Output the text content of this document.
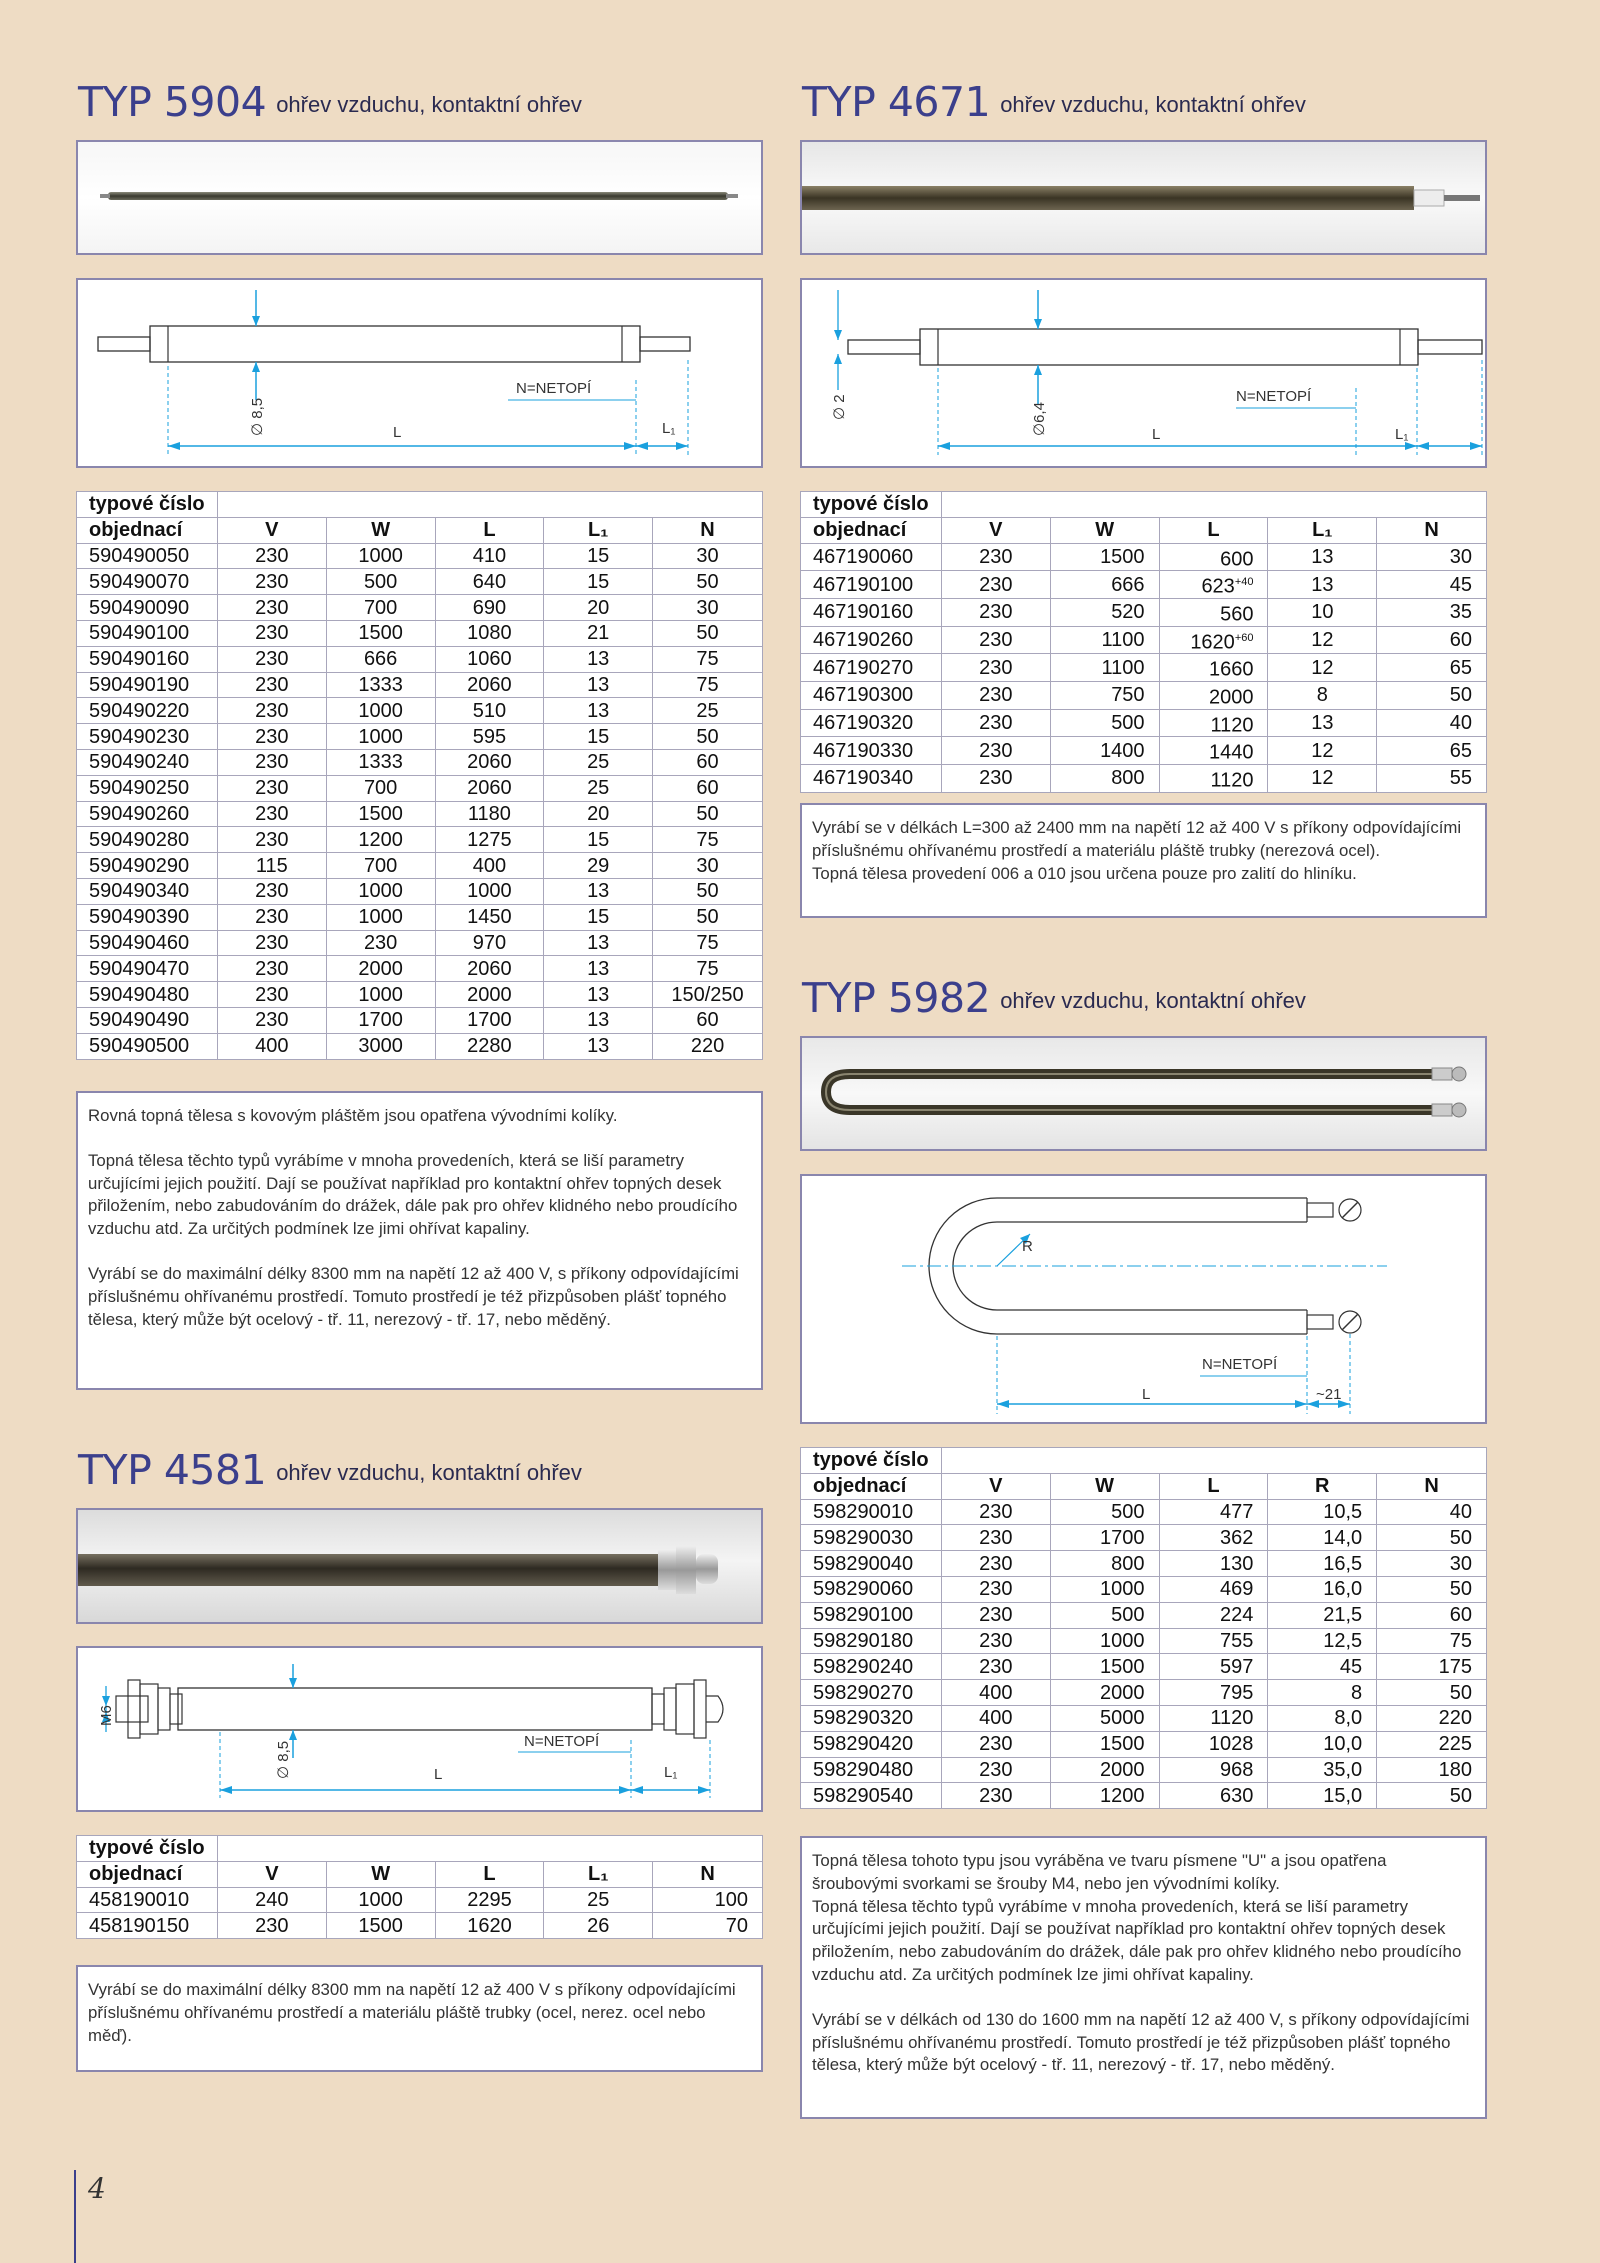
TYP 5904 ohřev vzduchu, kontaktní ohřev
∅ 8,5
N=NETOPÍ
L	L₁
typové číslo					
objednací	V	W	L	L₁	N
590490050	230	1000	410	15	30
590490070	230	500	640	15	50
590490090	230	700	690	20	30
590490100	230	1500	1080	21	50
590490160	230	666	1060	13	75
590490190	230	1333	2060	13	75
590490220	230	1000	510	13	25
590490230	230	1000	595	15	50
590490240	230	1333	2060	25	60
590490250	230	700	2060	25	60
590490260	230	1500	1180	20	50
590490280	230	1200	1275	15	75
590490290	115	700	400	29	30
590490340	230	1000	1000	13	50
590490390	230	1000	1450	15	50
590490460	230	230	970	13	75
590490470	230	2000	2060	13	75
590490480	230	1000	2000	13	150/250
590490490	230	1700	1700	13	60
590490500	400	3000	2280	13	220

Rovná topná tělesa s kovovým pláštěm jsou opatřena vývodními kolíky.

Topná tělesa těchto typů vyrábíme v mnoha provedeních, která se liší parametry určujícími jejich použití. Dají se používat například pro kontaktní ohřev topných desek přiložením, nebo zabudováním do drážek, dále pak pro ohřev klidného nebo proudícího vzduchu atd. Za určitých podmínek lze jimi ohřívat kapaliny.

Vyrábí se do maximální délky 8300 mm na napětí 12 až 400 V, s příkony odpovídajícími příslušnému ohřívanému prostředí. Tomuto prostředí je též přizpůsoben plášť topného tělesa, který může být ocelový - tř. 11, nerezový - tř. 17, nebo měděný.

TYP 4581 ohřev vzduchu, kontaktní ohřev
M6
∅ 8,5	N=NETOPÍ
L	L₁
typové číslo					
objednací	V	W	L	L₁	N
458190010	240	1000	2295	25	100
458190150	230	1500	1620	26	70

Vyrábí se do maximální délky 8300 mm na napětí 12 až 400 V s příkony odpovídajícími příslušnému ohřívanému prostředí a materiálu pláště trubky (ocel, nerez. ocel nebo měď).

TYP 4671 ohřev vzduchu, kontaktní ohřev
∅ 2	∅6,4
N=NETOPÍ
L	L₁
typové číslo					
objednací	V	W	L	L₁	N
467190060	230	1500	600	13	30
467190100	230	666	$623^{+40}$	13	45
467190160	230	520	560	10	35
467190260	230	1100	$1620^{+60}$	12	60
467190270	230	1100	1660	12	65
467190300	230	750	2000	8	50
467190320	230	500	1120	13	40
467190330	230	1400	1440	12	65
467190340	230	800	1120	12	55

Vyrábí se v délkách L=300 až 2400 mm na napětí 12 až 400 V s příkony odpovídajícími příslušnému ohřívanému prostředí a materiálu pláště trubky (nerezová ocel).

Topná tělesa provedení 006 a 010 jsou určena pouze pro zalití do hliníku.

TYP 5982 ohřev vzduchu, kontaktní ohřev
R
N=NETOPÍ
L	~21
typové číslo					
objednací	V	W	L	R	N
598290010	230	500	477	10,5	40
598290030	230	1700	362	14,0	50
598290040	230	800	130	16,5	30
598290060	230	1000	469	16,0	50
598290100	230	500	224	21,5	60
598290180	230	1000	755	12,5	75
598290240	230	1500	597	45	175
598290270	400	2000	795	8	50
598290320	400	5000	1120	8,0	220
598290420	230	1500	1028	10,0	225
598290480	230	2000	968	35,0	180
598290540	230	1200	630	15,0	50

Topná tělesa tohoto typu jsou vyráběna ve tvaru písmene "U" a jsou opatřena šroubovými svorkami se šrouby M4, nebo jen vývodními kolíky.

Topná tělesa těchto typů vyrábíme v mnoha provedeních, která se liší parametry určujícími jejich použití. Dají se používat například pro kontaktní ohřev topných desek přiložením, nebo zabudováním do drážek, dále pak pro ohřev klidného nebo proudícího vzduchu atd. Za určitých podmínek lze jimi ohřívat kapaliny.

Vyrábí se v délkách od 130 do 1600 mm na napětí 12 až 400 V, s příkony odpovídajícími příslušnému ohřívanému prostředí. Tomuto prostředí je též přizpůsoben plášť topného tělesa, který může být ocelový - tř. 11, nerezový - tř. 17, nebo měděný.

4
